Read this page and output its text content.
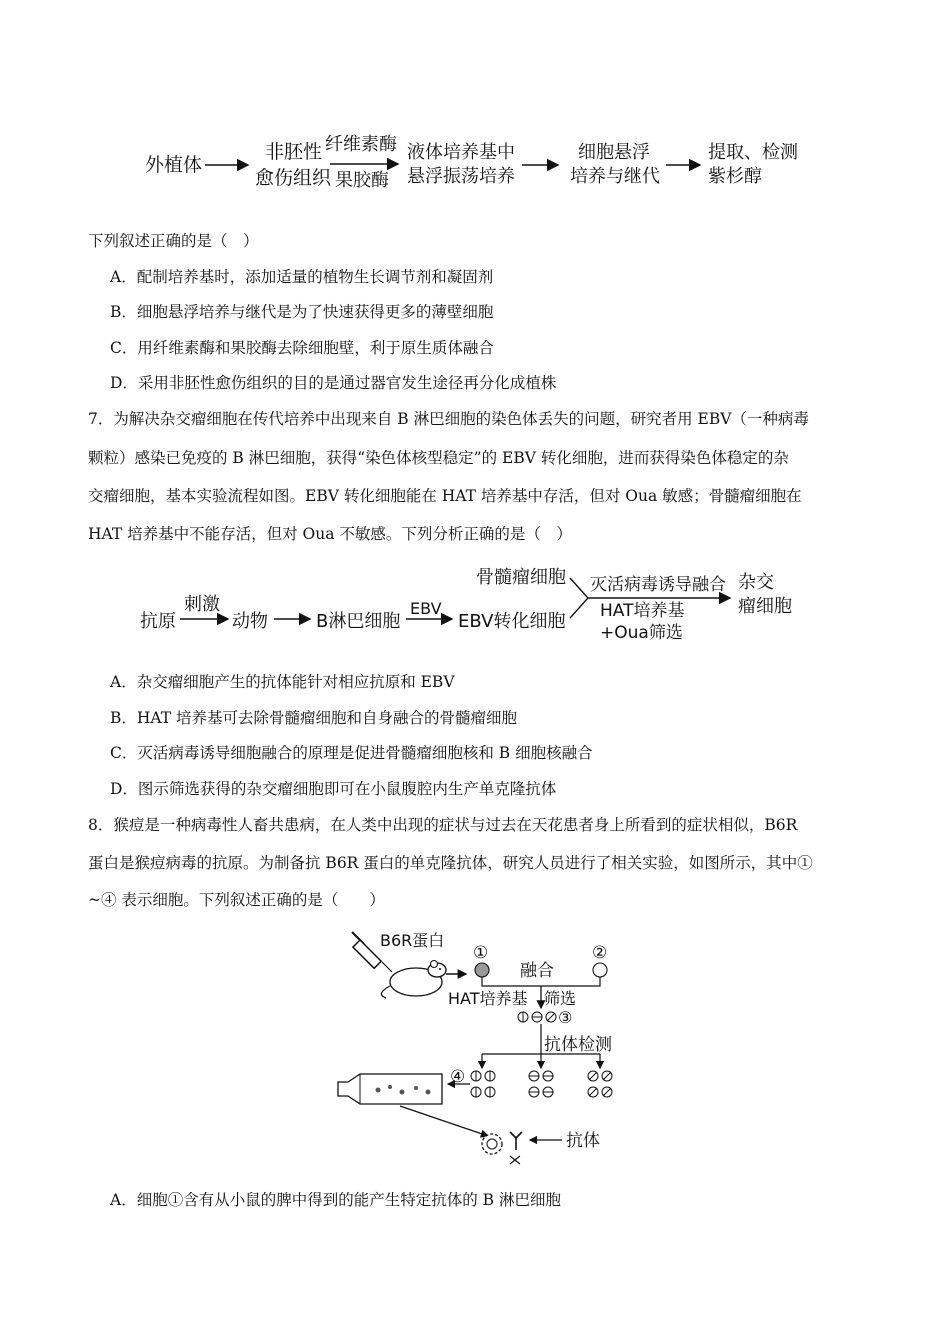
外植体
非胚性
愈伤组织
纤维素酶
果胶酶
液体培养基中
悬浮振荡培养
细胞悬浮
培养与继代
提取、检测
紫杉醇
下列叙述正确的是（　）
A．配制培养基时，添加适量的植物生长调节剂和凝固剂
B．细胞悬浮培养与继代是为了快速获得更多的薄壁细胞
C．用纤维素酶和果胶酶去除细胞壁，利于原生质体融合
D．采用非胚性愈伤组织的目的是通过器官发生途径再分化成植株
7．为解决杂交瘤细胞在传代培养中出现来自 B 淋巴细胞的染色体丢失的问题，研究者用 EBV（一种病毒
颗粒）感染已免疫的 B 淋巴细胞，获得“染色体核型稳定”的 EBV 转化细胞，进而获得染色体稳定的杂
交瘤细胞，基本实验流程如图。EBV 转化细胞能在 HAT 培养基中存活，但对 Oua 敏感；骨髓瘤细胞在
HAT 培养基中不能存活，但对 Oua 不敏感。下列分析正确的是（　）
抗原
刺激
动物	B淋巴细胞
EBV
EBV转化细胞
骨髓瘤细胞 灭活病毒诱导融合
HAT培养基
+Oua筛选
杂交
瘤细胞
A．杂交瘤细胞产生的抗体能针对相应抗原和 EBV
B．HAT 培养基可去除骨髓瘤细胞和自身融合的骨髓瘤细胞
C．灭活病毒诱导细胞融合的原理是促进骨髓瘤细胞核和 B 细胞核融合
D．图示筛选获得的杂交瘤细胞即可在小鼠腹腔内生产单克隆抗体
8．猴痘是一种病毒性人畜共患病，在人类中出现的症状与过去在天花患者身上所看到的症状相似，B6R
蛋白是猴痘病毒的抗原。为制备抗 B6R 蛋白的单克隆抗体，研究人员进行了相关实验，如图所示，其中①
~④ 表示细胞。下列叙述正确的是（　　）
B6R蛋白
①	②
融合
HAT培养基 筛选
③
抗体检测
④
抗体
A．细胞①含有从小鼠的脾中得到的能产生特定抗体的 B 淋巴细胞
